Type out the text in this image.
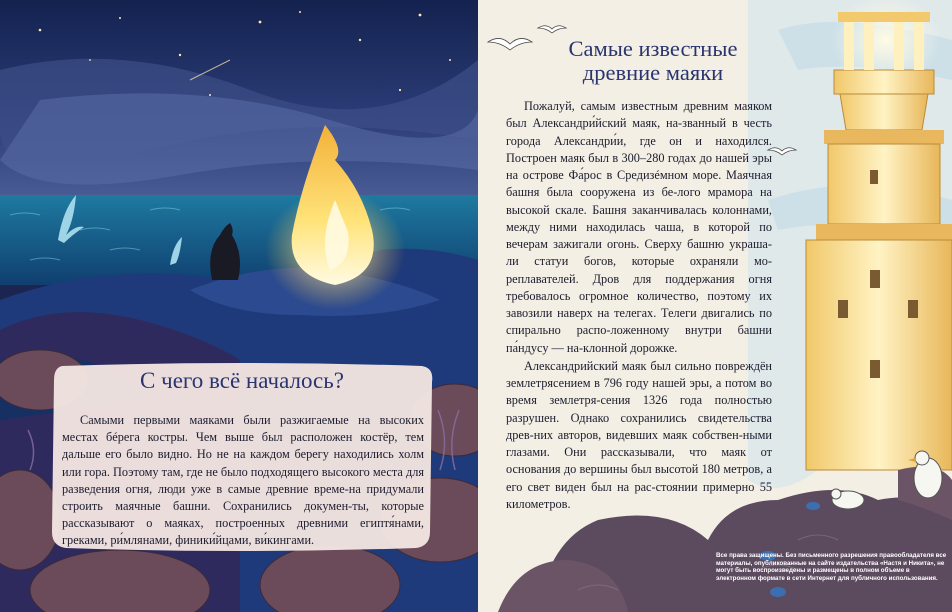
С чего всё началось?

Самыми первыми маяками были разжигаемые на высоких местах бéрега костры. Чем выше был расположен костёр, тем дальше его было видно. Но не на каждом берегу находились холм или гора. Поэтому там, где не было подходящего высокого места для разведения огня, люди уже в самые древние време-на придумали строить маячные башни. Сохранились докумен-ты, которые рассказывают о маяках, построенных древними египтя́нами, греками, ри́млянами, финики́йцами, ви́кингами.

Самые известные
древние маяки

Пожалуй, самым известным древним маяком был Александри́йский маяк, на-званный в честь города Александри́и, где он и находился. Построен маяк был в 300–280 годах до нашей эры на острове Фа́рос в Средизéмном море. Маячная башня была сооружена из бе-лого мрамора на высокой скале. Башня заканчивалась колоннами, между ними находилась чаша, в которой по вечерам зажигали огонь. Сверху башню украша-ли статуи богов, которые охраняли мо-реплавателей. Дров для поддержания огня требовалось огромное количество, поэтому их завозили наверх на телегах. Телеги двигались по спирально распо-ложенному внутри башни па́ндусу — на-клонной дорожке.

Александрийский маяк был сильно повреждён землетрясением в 796 году нашей эры, а потом во время землетря-сения 1326 года полностью разрушен. Однако сохранились свидетельства древ-них авторов, видевших маяк собствен-ными глазами. Они рассказывали, что маяк от основания до вершины был высотой 180 метров, а его свет виден был на рас-стоянии примерно 55 километров.

Все права защищены. Без письменного разрешения правообладателя все материалы, опубликованные на сайте издательства «Настя и Никита», не могут быть воспроизведены и размещены в полном объеме в электронном формате в сети Интернет для публичного использования.
